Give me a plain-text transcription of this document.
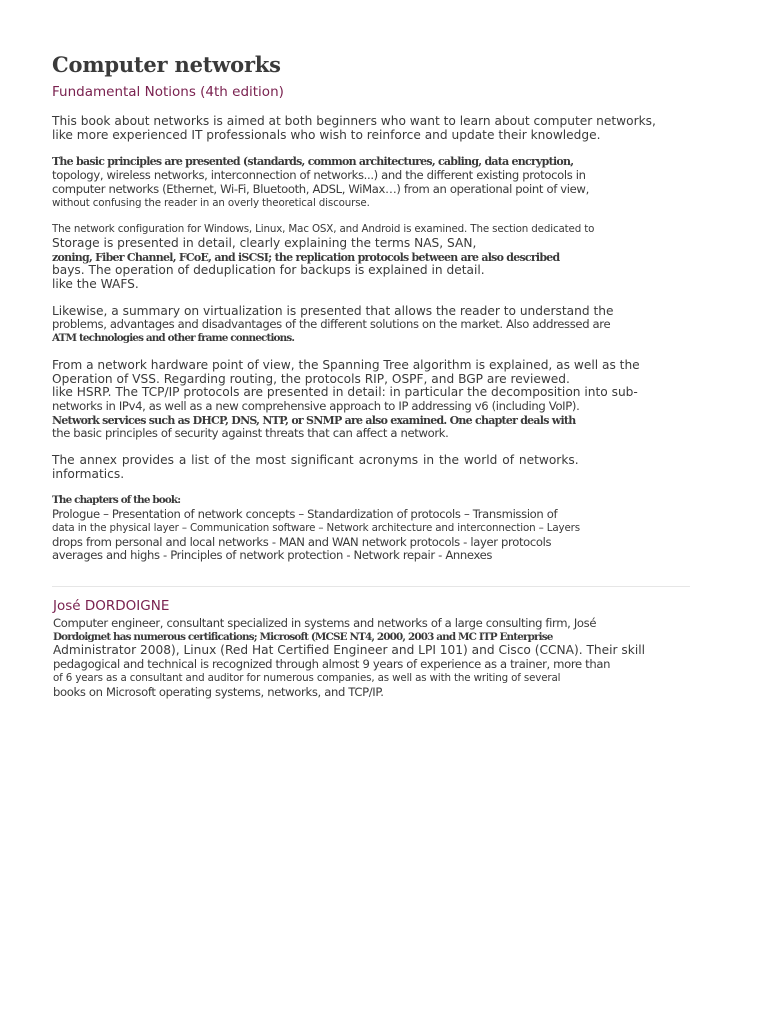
Computer networks
Fundamental Notions (4th edition)
This book about networks is aimed at both beginners who want to learn about computer networks,
like more experienced IT professionals who wish to reinforce and update their knowledge.
The basic principles are presented (standards, common architectures, cabling, data encryption,
topology, wireless networks, interconnection of networks...) and the different existing protocols in
computer networks (Ethernet, Wi-Fi, Bluetooth, ADSL, WiMax…) from an operational point of view,
without confusing the reader in an overly theoretical discourse.
The network configuration for Windows, Linux, Mac OSX, and Android is examined. The section dedicated to
Storage is presented in detail, clearly explaining the terms NAS, SAN,
zoning, Fiber Channel, FCoE, and iSCSI; the replication protocols between are also described
bays. The operation of deduplication for backups is explained in detail.
like the WAFS.
Likewise, a summary on virtualization is presented that allows the reader to understand the
problems, advantages and disadvantages of the different solutions on the market. Also addressed are
ATM technologies and other frame connections.
From a network hardware point of view, the Spanning Tree algorithm is explained, as well as the
Operation of VSS. Regarding routing, the protocols RIP, OSPF, and BGP are reviewed.
like HSRP. The TCP/IP protocols are presented in detail: in particular the decomposition into sub-
networks in IPv4, as well as a new comprehensive approach to IP addressing v6 (including VoIP).
Network services such as DHCP, DNS, NTP, or SNMP are also examined. One chapter deals with
the basic principles of security against threats that can affect a network.
The annex provides a list of the most significant acronyms in the world of networks.
informatics.
The chapters of the book:
Prologue – Presentation of network concepts – Standardization of protocols – Transmission of
data in the physical layer – Communication software – Network architecture and interconnection – Layers
drops from personal and local networks - MAN and WAN network protocols - layer protocols
averages and highs - Principles of network protection - Network repair - Annexes
José DORDOIGNE
Computer engineer, consultant specialized in systems and networks of a large consulting firm, José
Dordoignet has numerous certifications; Microsoft (MCSE NT4, 2000, 2003 and MC ITP Enterprise
Administrator 2008), Linux (Red Hat Certified Engineer and LPI 101) and Cisco (CCNA). Their skill
pedagogical and technical is recognized through almost 9 years of experience as a trainer, more than
of 6 years as a consultant and auditor for numerous companies, as well as with the writing of several
books on Microsoft operating systems, networks, and TCP/IP.
